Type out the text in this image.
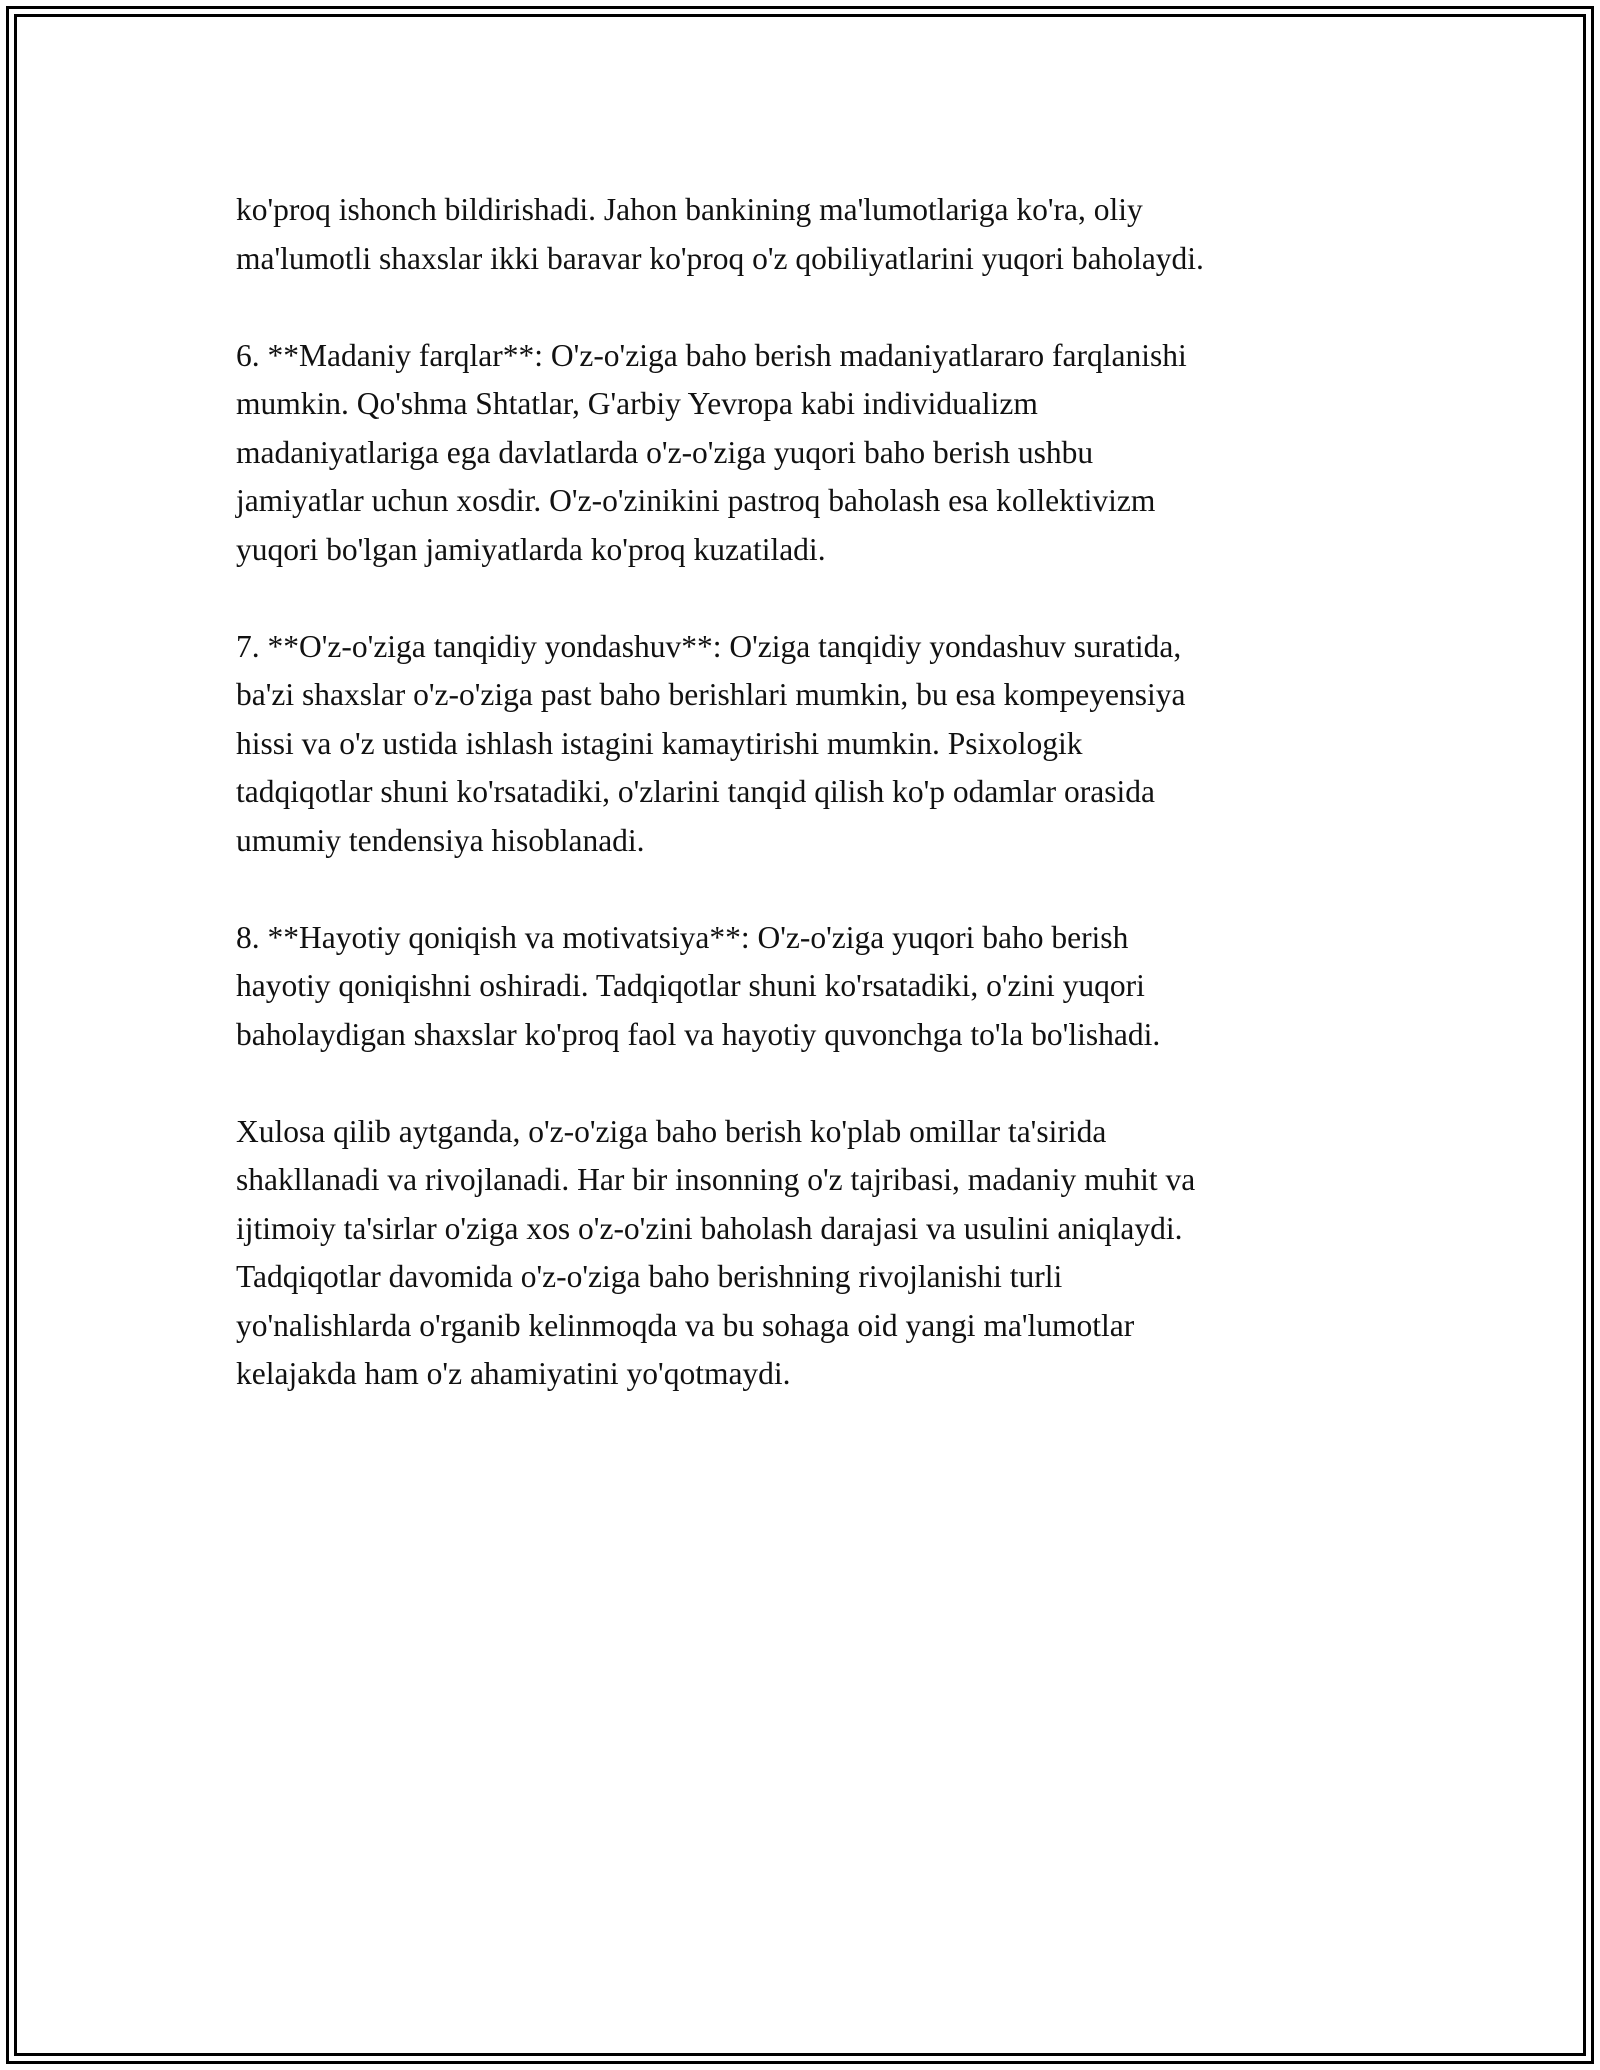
ko'proq ishonch bildirishadi. Jahon bankining ma'lumotlariga ko'ra, oliy
ma'lumotli shaxslar ikki baravar ko'proq o'z qobiliyatlarini yuqori baholaydi.

6. **Madaniy farqlar**: O'z-o'ziga baho berish madaniyatlararo farqlanishi
mumkin. Qo'shma Shtatlar, G'arbiy Yevropa kabi individualizm
madaniyatlariga ega davlatlarda o'z-o'ziga yuqori baho berish ushbu
jamiyatlar uchun xosdir. O'z-o'zinikini pastroq baholash esa kollektivizm
yuqori bo'lgan jamiyatlarda ko'proq kuzatiladi.

7. **O'z-o'ziga tanqidiy yondashuv**: O'ziga tanqidiy yondashuv suratida,
ba'zi shaxslar o'z-o'ziga past baho berishlari mumkin, bu esa kompeyensiya
hissi va o'z ustida ishlash istagini kamaytirishi mumkin. Psixologik
tadqiqotlar shuni ko'rsatadiki, o'zlarini tanqid qilish ko'p odamlar orasida
umumiy tendensiya hisoblanadi.

8. **Hayotiy qoniqish va motivatsiya**: O'z-o'ziga yuqori baho berish
hayotiy qoniqishni oshiradi. Tadqiqotlar shuni ko'rsatadiki, o'zini yuqori
baholaydigan shaxslar ko'proq faol va hayotiy quvonchga to'la bo'lishadi.

Xulosa qilib aytganda, o'z-o'ziga baho berish ko'plab omillar ta'sirida
shakllanadi va rivojlanadi. Har bir insonning o'z tajribasi, madaniy muhit va
ijtimoiy ta'sirlar o'ziga xos o'z-o'zini baholash darajasi va usulini aniqlaydi.
Tadqiqotlar davomida o'z-o'ziga baho berishning rivojlanishi turli
yo'nalishlarda o'rganib kelinmoqda va bu sohaga oid yangi ma'lumotlar
kelajakda ham o'z ahamiyatini yo'qotmaydi.
